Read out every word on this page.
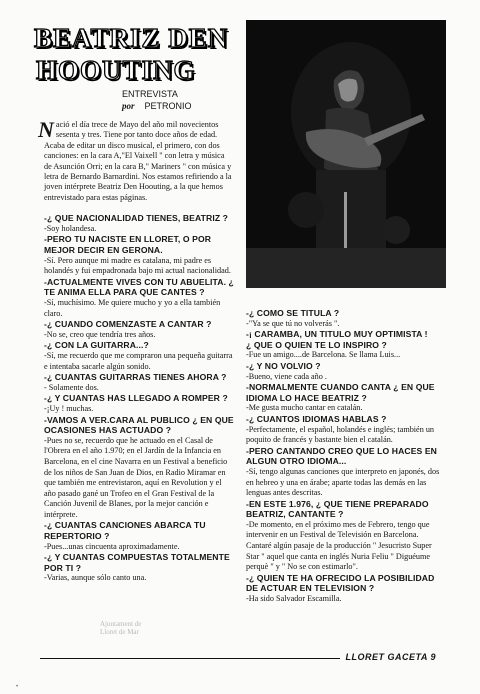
BEATRIZ DEN
HOOUTING
ENTREVISTA
por PETRONIO

Nació el día trece de Mayo del año mil novecientos sesenta y tres. Tiene por tanto doce años de edad. Acaba de editar un disco musical, el primero, con dos canciones: en la cara A,"El Vaixell " con letra y música de Asunción Orri; en la cara B," Mariners " con música y letra de Bernardo Barnardini. Nos estamos refiriendo a la joven intérprete Beatriz Den Hoouting, a la que hemos entrevistado para estas páginas.

-¿ QUE NACIONALIDAD TIENES, BEATRIZ ?

-Soy holandesa.

-PERO TU NACISTE EN LLORET, O POR MEJOR DECIR EN GERONA.

-Sí. Pero aunque mi madre es catalana, mi padre es holandés y fui empadronada bajo mi actual nacionalidad.

-ACTUALMENTE VIVES CON TU ABUELITA. ¿ TE ANIMA ELLA PARA QUE CANTES ?

-Sí, muchísimo. Me quiere mucho y yo a ella también claro.

-¿ CUANDO COMENZASTE A CANTAR ?

-No se, creo que tendría tres años.

-¿ CON LA GUITARRA...?

-Sí, me recuerdo que me compraron una pequeña guitarra e intentaba sacarle algún sonido.

-¿ CUANTAS GUITARRAS TIENES AHORA ?

- Solamente dos.

-¿ Y CUANTAS HAS LLEGADO A ROMPER ?

-¡Uy ! muchas.

-VAMOS A VER.CARA AL PUBLICO ¿ EN QUE OCASIONES HAS ACTUADO ?

-Pues no se, recuerdo que he actuado en el Casal de l'Obrera en el año 1.970; en el Jardín de la Infancia en Barcelona, en el cine Navarra en un Festival a beneficio de los niños de San Juan de Dios, en Radio Miramar en que también me entrevistaron, aquí en Revolution y el año pasado gané un Trofeo en el Gran Festival de la Canción Juvenil de Blanes, por la mejor canción e intérprete.

-¿ CUANTAS CANCIONES ABARCA TU REPERTORIO ?

-Pues...unas cincuenta aproximadamente.

-¿ Y CUANTAS COMPUESTAS TOTALMENTE POR TI ?

-Varias, aunque sólo canto una.

-¿ COMO SE TITULA ?

-"Ya se que tú no volverás ".

-¡ CARAMBA, UN TITULO MUY OPTIMISTA !

¿ QUE O QUIEN TE LO INSPIRO ?

-Fue un amigo....de Barcelona. Se llama Luis...

-¿ Y NO VOLVIO ?

-Bueno, viene cada año .

-NORMALMENTE CUANDO CANTA ¿ EN QUE IDIOMA LO HACE BEATRIZ ?

-Me gusta mucho cantar en catalán.

-¿ CUANTOS IDIOMAS HABLAS ?

-Perfectamente, el español, holandés e inglés; también un poquito de francés y bastante bien el catalán.

-PERO CANTANDO CREO QUE LO HACES EN ALGUN OTRO IDIOMA...

-Sí, tengo algunas canciones que interpreto en japonés, dos en hebreo y una en árabe; aparte todas las demás en las lenguas antes descritas.

-EN ESTE 1.976, ¿ QUE TIENE PREPARADO BEATRIZ, CANTANTE ?

-De momento, en el próximo mes de Febrero, tengo que intervenir en un Festival de Televisión en Barcelona. Cantaré algún pasaje de la producción " Jesucristo Super Star " aquel que canta en inglés Nuria Feliu " Diguéume perquè " y " No se con estimarlo".

-¿ QUIEN TE HA OFRECIDO LA POSIBILIDAD DE ACTUAR EN TELEVISION ?

-Ha sido Salvador Escamilla.

Ajuntament de
Lloret de Mar
LLORET GACETA 9
•
